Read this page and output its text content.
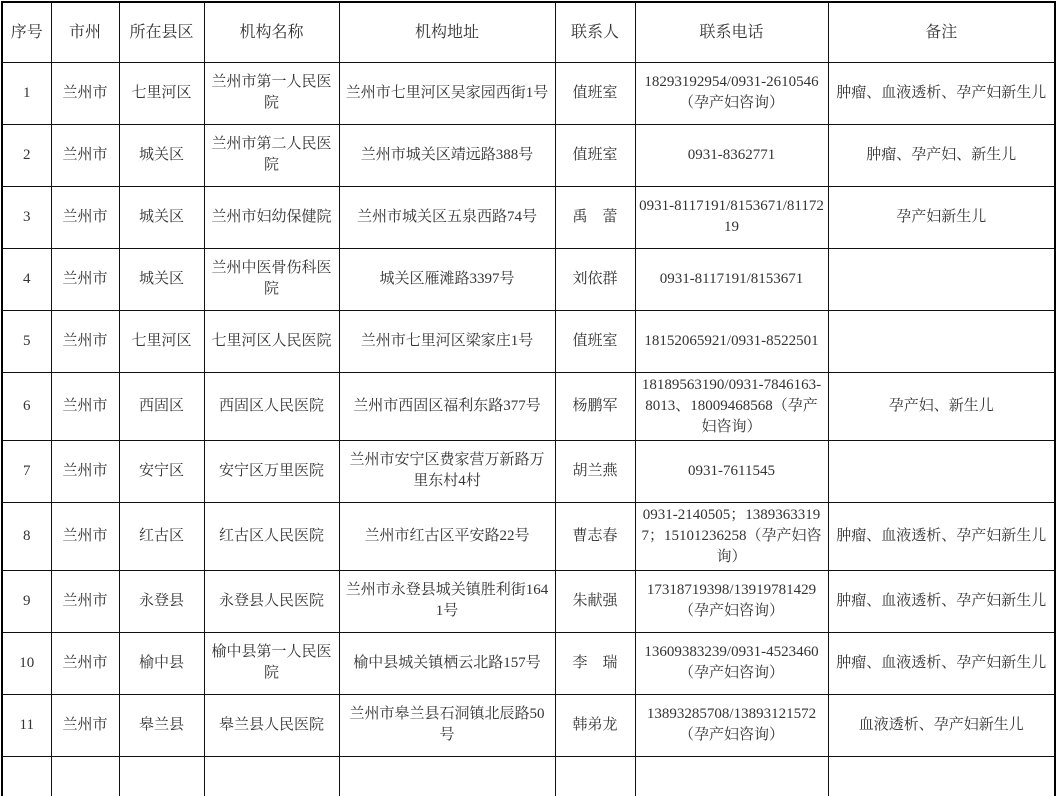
序号	市州	所在县区	机构名称	机构地址	联系人	联系电话	备注
1	兰州市	七里河区	兰州市第一人民医院	兰州市七里河区吴家园西街1号	值班室	18293192954/0931-2610546（孕产妇咨询）	肿瘤、血液透析、孕产妇新生儿
2	兰州市	城关区	兰州市第二人民医院	兰州市城关区靖远路388号	值班室	0931-8362771	肿瘤、孕产妇、新生儿
3	兰州市	城关区	兰州市妇幼保健院	兰州市城关区五泉西路74号	禹　蕾	0931-8117191/8153671/8117219	孕产妇新生儿
4	兰州市	城关区	兰州中医骨伤科医院	城关区雁滩路3397号	刘依群	0931-8117191/8153671	
5	兰州市	七里河区	七里河区人民医院	兰州市七里河区梁家庄1号	值班室	18152065921/0931-8522501	
6	兰州市	西固区	西固区人民医院	兰州市西固区福利东路377号	杨鹏军	18189563190/0931-7846163-8013、18009468568（孕产妇咨询）	孕产妇、新生儿
7	兰州市	安宁区	安宁区万里医院	兰州市安宁区费家营万新路万里东村4村	胡兰燕	0931-7611545	
8	兰州市	红古区	红古区人民医院	兰州市红古区平安路22号	曹志春	0931-2140505；13893633197；15101236258（孕产妇咨询）	肿瘤、血液透析、孕产妇新生儿
9	兰州市	永登县	永登县人民医院	兰州市永登县城关镇胜利街1641号	朱献强	17318719398/13919781429（孕产妇咨询）	肿瘤、血液透析、孕产妇新生儿
10	兰州市	榆中县	榆中县第一人民医院	榆中县城关镇栖云北路157号	李　瑞	13609383239/0931-4523460（孕产妇咨询）	肿瘤、血液透析、孕产妇新生儿
11	兰州市	皋兰县	皋兰县人民医院	兰州市皋兰县石洞镇北辰路50号	韩弟龙	13893285708/13893121572（孕产妇咨询）	血液透析、孕产妇新生儿
